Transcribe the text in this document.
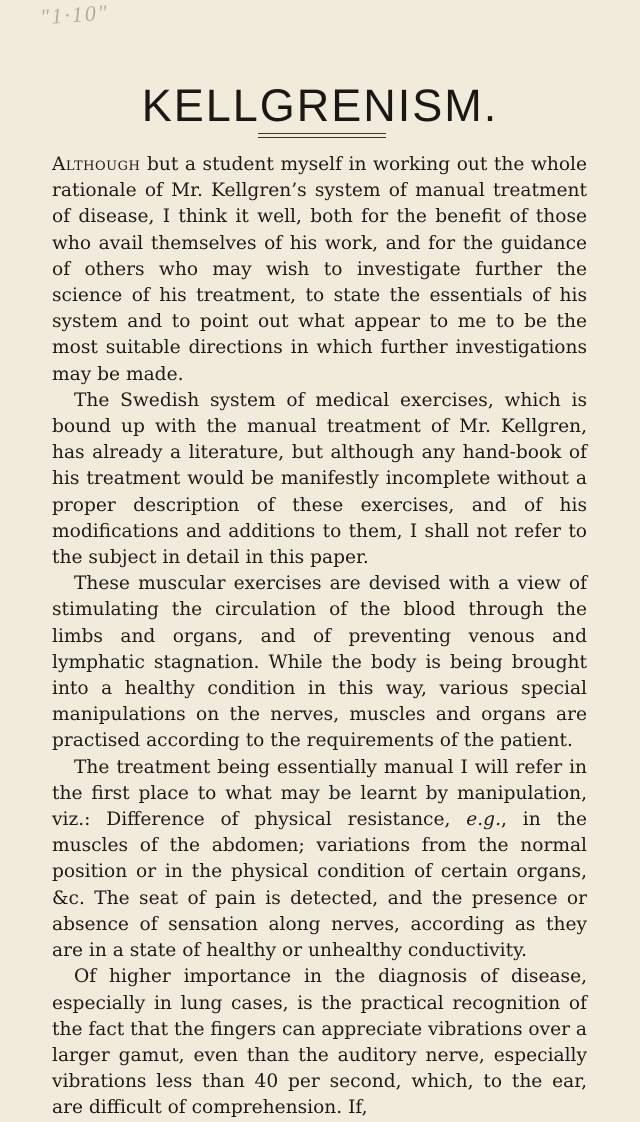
"1·10"
KELLGRENISM.

Although but a student myself in working out the whole rationale of Mr. Kellgren’s system of manual treatment of disease, I think it well, both for the benefit of those who avail themselves of his work, and for the guidance of others who may wish to investigate further the science of his treatment, to state the essentials of his system and to point out what appear to me to be the most suitable directions in which further investigations may be made.

The Swedish system of medical exercises, which is bound up with the manual treatment of Mr. Kellgren, has already a literature, but although any hand-book of his treatment would be manifestly incomplete without a proper description of these exercises, and of his modifications and additions to them, I shall not refer to the subject in detail in this paper.

These muscular exercises are devised with a view of stimulating the circulation of the blood through the limbs and organs, and of preventing venous and lymphatic stagnation. While the body is being brought into a healthy condition in this way, various special manipulations on the nerves, muscles and organs are practised according to the requirements of the patient.

The treatment being essentially manual I will refer in the first place to what may be learnt by manipulation, viz.: Difference of physical resistance, e.g., in the muscles of the abdomen; variations from the normal position or in the physical condition of certain organs, &c. The seat of pain is detected, and the presence or absence of sensation along nerves, according as they are in a state of healthy or unhealthy conductivity.

Of higher importance in the diagnosis of disease, especially in lung cases, is the practical recognition of the fact that the fingers can appreciate vibrations over a larger gamut, even than the auditory nerve, especially vibrations less than 40 per second, which, to the ear, are difficult of comprehension. If,
